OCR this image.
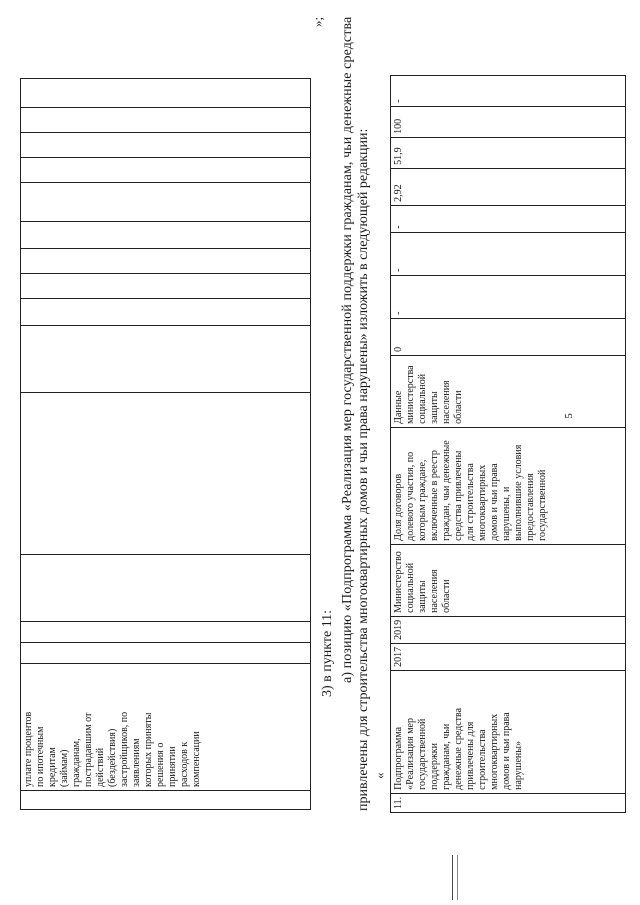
5
	уплате процентов
по ипотечным
кредитам
(займам)
гражданам,
пострадавшим от
действий
(бездействия)
застройщиков, по
заявлениям
которых приняты
решения о
принятии
расходов к
компенсации														
3) в пункте 11: а) позицию «Подпрограмма «Реализация мер государственной поддержки гражданам, чьи денежные средства привлечены для строительства многоквартирных домов и чьи права нарушены» изложить в следующей редакции: «
»;
11.	Подпрограмма
«Реализация мер
государственной
поддержки
гражданам, чьи
денежные средства
привлечены для
строительства
многоквартирных
домов и чьи права
нарушены»	2017	2019	Министерство
социальной
защиты
населения
области	Доля договоров
долевого участия, по
которым граждане,
включенные в реестр
граждан, чьи денежные
средства привлечены
для строительства
многоквартирных
домов и чьи права
нарушены, и
выполнившие условия
предоставления
государственной	Данные
министерства
социальной
защиты
населения
области	0	-	-	-	2,92	51,9	100	-
